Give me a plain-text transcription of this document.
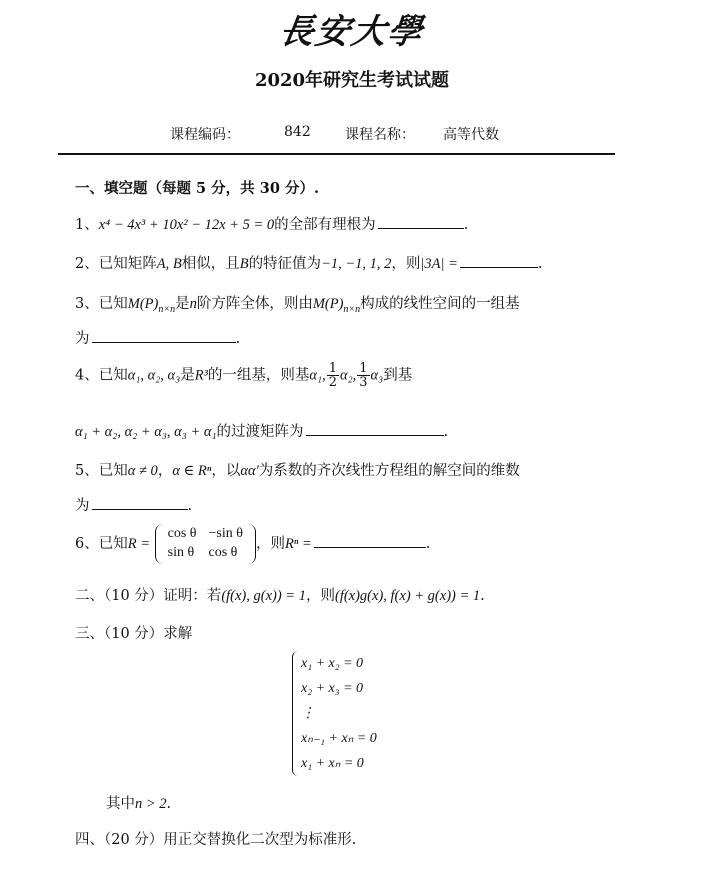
長安大學
2020年研究生考试试题
课程编码：	842 课程名称： 高等代数
一、填空题（每题 5 分，共 30 分）.
1、x⁴ − 4x³ + 10x² − 12x + 5 = 0的全部有理根为	.
2、已知矩阵A, B相似，且B的特征值为−1, −1, 1, 2，则|3A| =	.
3、已知$M(P)_{n\times n}$是n阶方阵全体，则由$M(P)_{n\times n}$构成的线性空间的一组基
为	.
4、已知α₁, α₂, α₃是R³的一组基，则基α₁, $\frac{1}{2} \alpha_2$, $\frac{1}{3} \alpha_3$到基
α₁ + α₂, α₂ + α₃, α₃ + α₁的过渡矩阵为	.
5、已知α ≠ 0，α ∈ Rⁿ，以αα′为系数的齐次线性方程组的解空间的维数
为	.
6、已知R =
cos θ	−sin θ
sin θ	cos θ
，则Rⁿ =	.
二、（10 分）证明：若(f(x), g(x)) = 1，则(f(x)g(x), f(x) + g(x)) = 1.
三、（10 分）求解
x₁ + x₂ = 0
x₂ + x₃ = 0
⋮
xₙ₋₁ + xₙ = 0
x₁ + xₙ = 0
其中n > 2.
四、（20 分）用正交替换化二次型为标准形.
